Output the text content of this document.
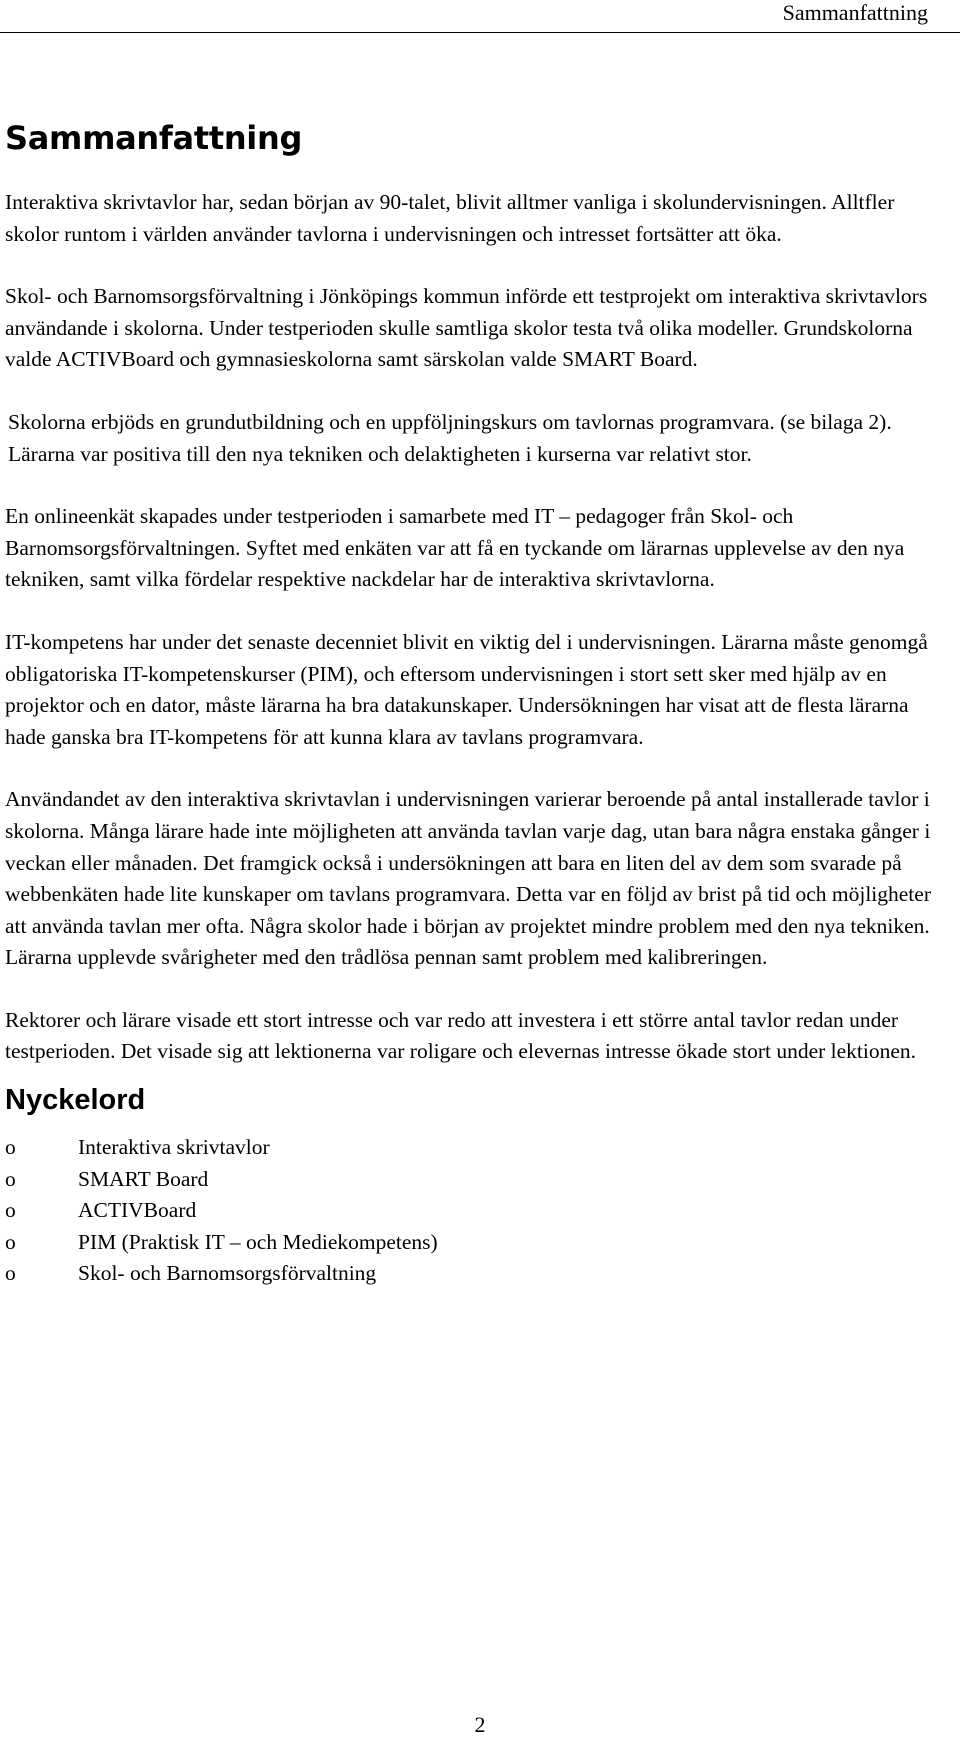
Sammanfattning
Sammanfattning

Interaktiva skrivtavlor har, sedan början av 90-talet, blivit alltmer vanliga i skolundervisningen. Alltfler skolor runtom i världen använder tavlorna i undervisningen och intresset fortsätter att öka.

Skol- och Barnomsorgsförvaltning i Jönköpings kommun införde ett testprojekt om interaktiva skrivtavlors användande i skolorna. Under testperioden skulle samtliga skolor testa två olika modeller. Grundskolorna valde ACTIVBoard och gymnasieskolorna samt särskolan valde SMART Board.

Skolorna erbjöds en grundutbildning och en uppföljningskurs om tavlornas programvara. (se bilaga 2). Lärarna var positiva till den nya tekniken och delaktigheten i kurserna var relativt stor.

En onlineenkät skapades under testperioden i samarbete med IT – pedagoger från Skol- och Barnomsorgsförvaltningen. Syftet med enkäten var att få en tyckande om lärarnas upplevelse av den nya tekniken, samt vilka fördelar respektive nackdelar har de interaktiva skrivtavlorna.

IT-kompetens har under det senaste decenniet blivit en viktig del i undervisningen. Lärarna måste genomgå obligatoriska IT-kompetenskurser (PIM), och eftersom undervisningen i stort sett sker med hjälp av en projektor och en dator, måste lärarna ha bra datakunskaper. Undersökningen har visat att de flesta lärarna hade ganska bra IT-kompetens för att kunna klara av tavlans programvara.

Användandet av den interaktiva skrivtavlan i undervisningen varierar beroende på antal installerade tavlor i skolorna. Många lärare hade inte möjligheten att använda tavlan varje dag, utan bara några enstaka gånger i veckan eller månaden. Det framgick också i undersökningen att bara en liten del av dem som svarade på webbenkäten hade lite kunskaper om tavlans programvara. Detta var en följd av brist på tid och möjligheter att använda tavlan mer ofta. Några skolor hade i början av projektet mindre problem med den nya tekniken. Lärarna upplevde svårigheter med den trådlösa pennan samt problem med kalibreringen.

Rektorer och lärare visade ett stort intresse och var redo att investera i ett större antal tavlor redan under testperioden. Det visade sig att lektionerna var roligare och elevernas intresse ökade stort under lektionen.

Nyckelord
o	Interaktiva skrivtavlor
o	SMART Board
o	ACTIVBoard
o	PIM (Praktisk IT – och Mediekompetens)
o	Skol- och Barnomsorgsförvaltning
2
